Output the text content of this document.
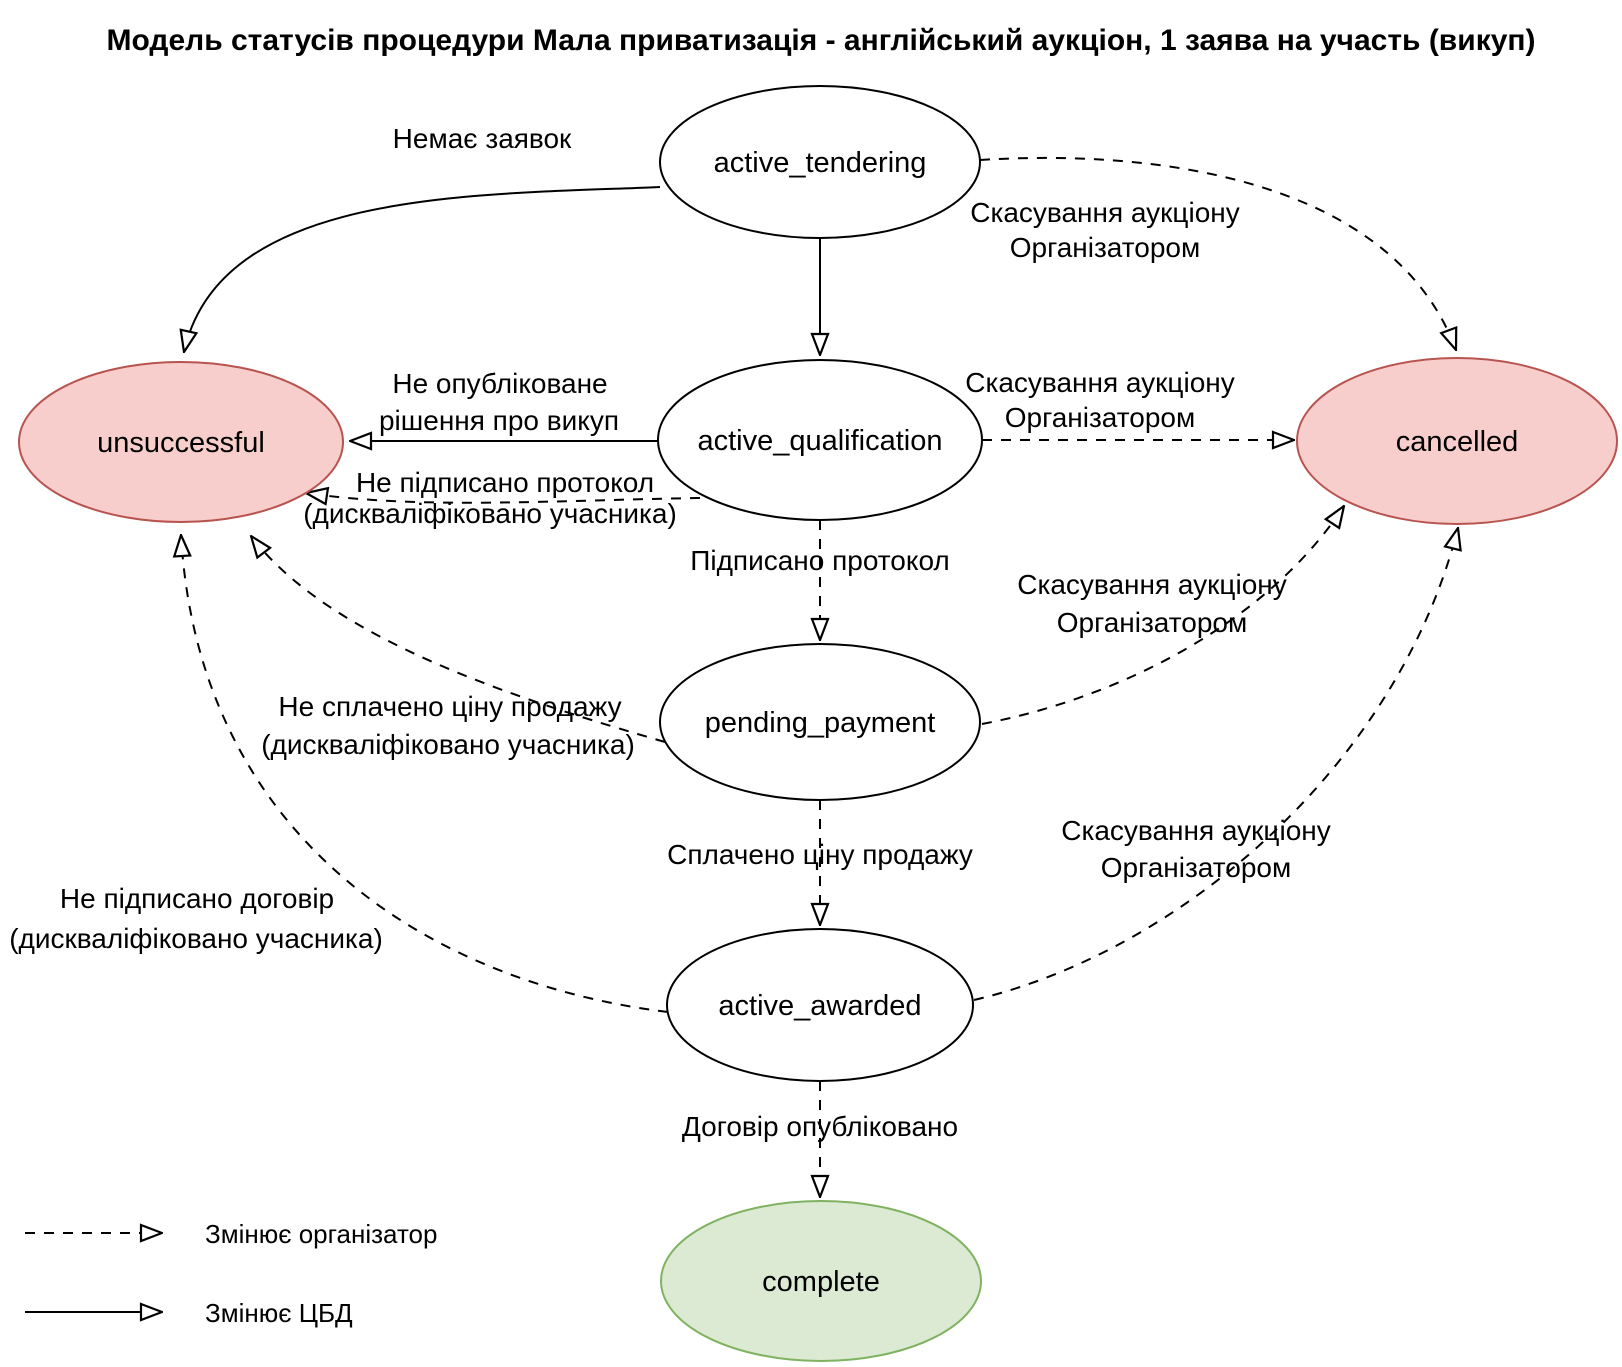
Модель статусів процедури Мала приватизація - англійський аукціон, 1 заява на участь (викуп)
Немає заявок
Скасування аукціону
Організатором
Не опубліковане
рішення про викуп
Не підписано протокол
(дискваліфіковано учасника)
Скасування аукціону
Організатором
Підписано протокол
Не сплачено ціну продажу
(дискваліфіковано учасника)
Скасування аукціону
Організатором
Сплачено ціну продажу
Не підписано договір
(дискваліфіковано учасника)
Скасування аукціону
Організатором
Договір опубліковано
active_tendering
active_qualification
pending_payment
active_awarded
complete
unsuccessful	cancelled
Змінює організатор
Змінює ЦБД
